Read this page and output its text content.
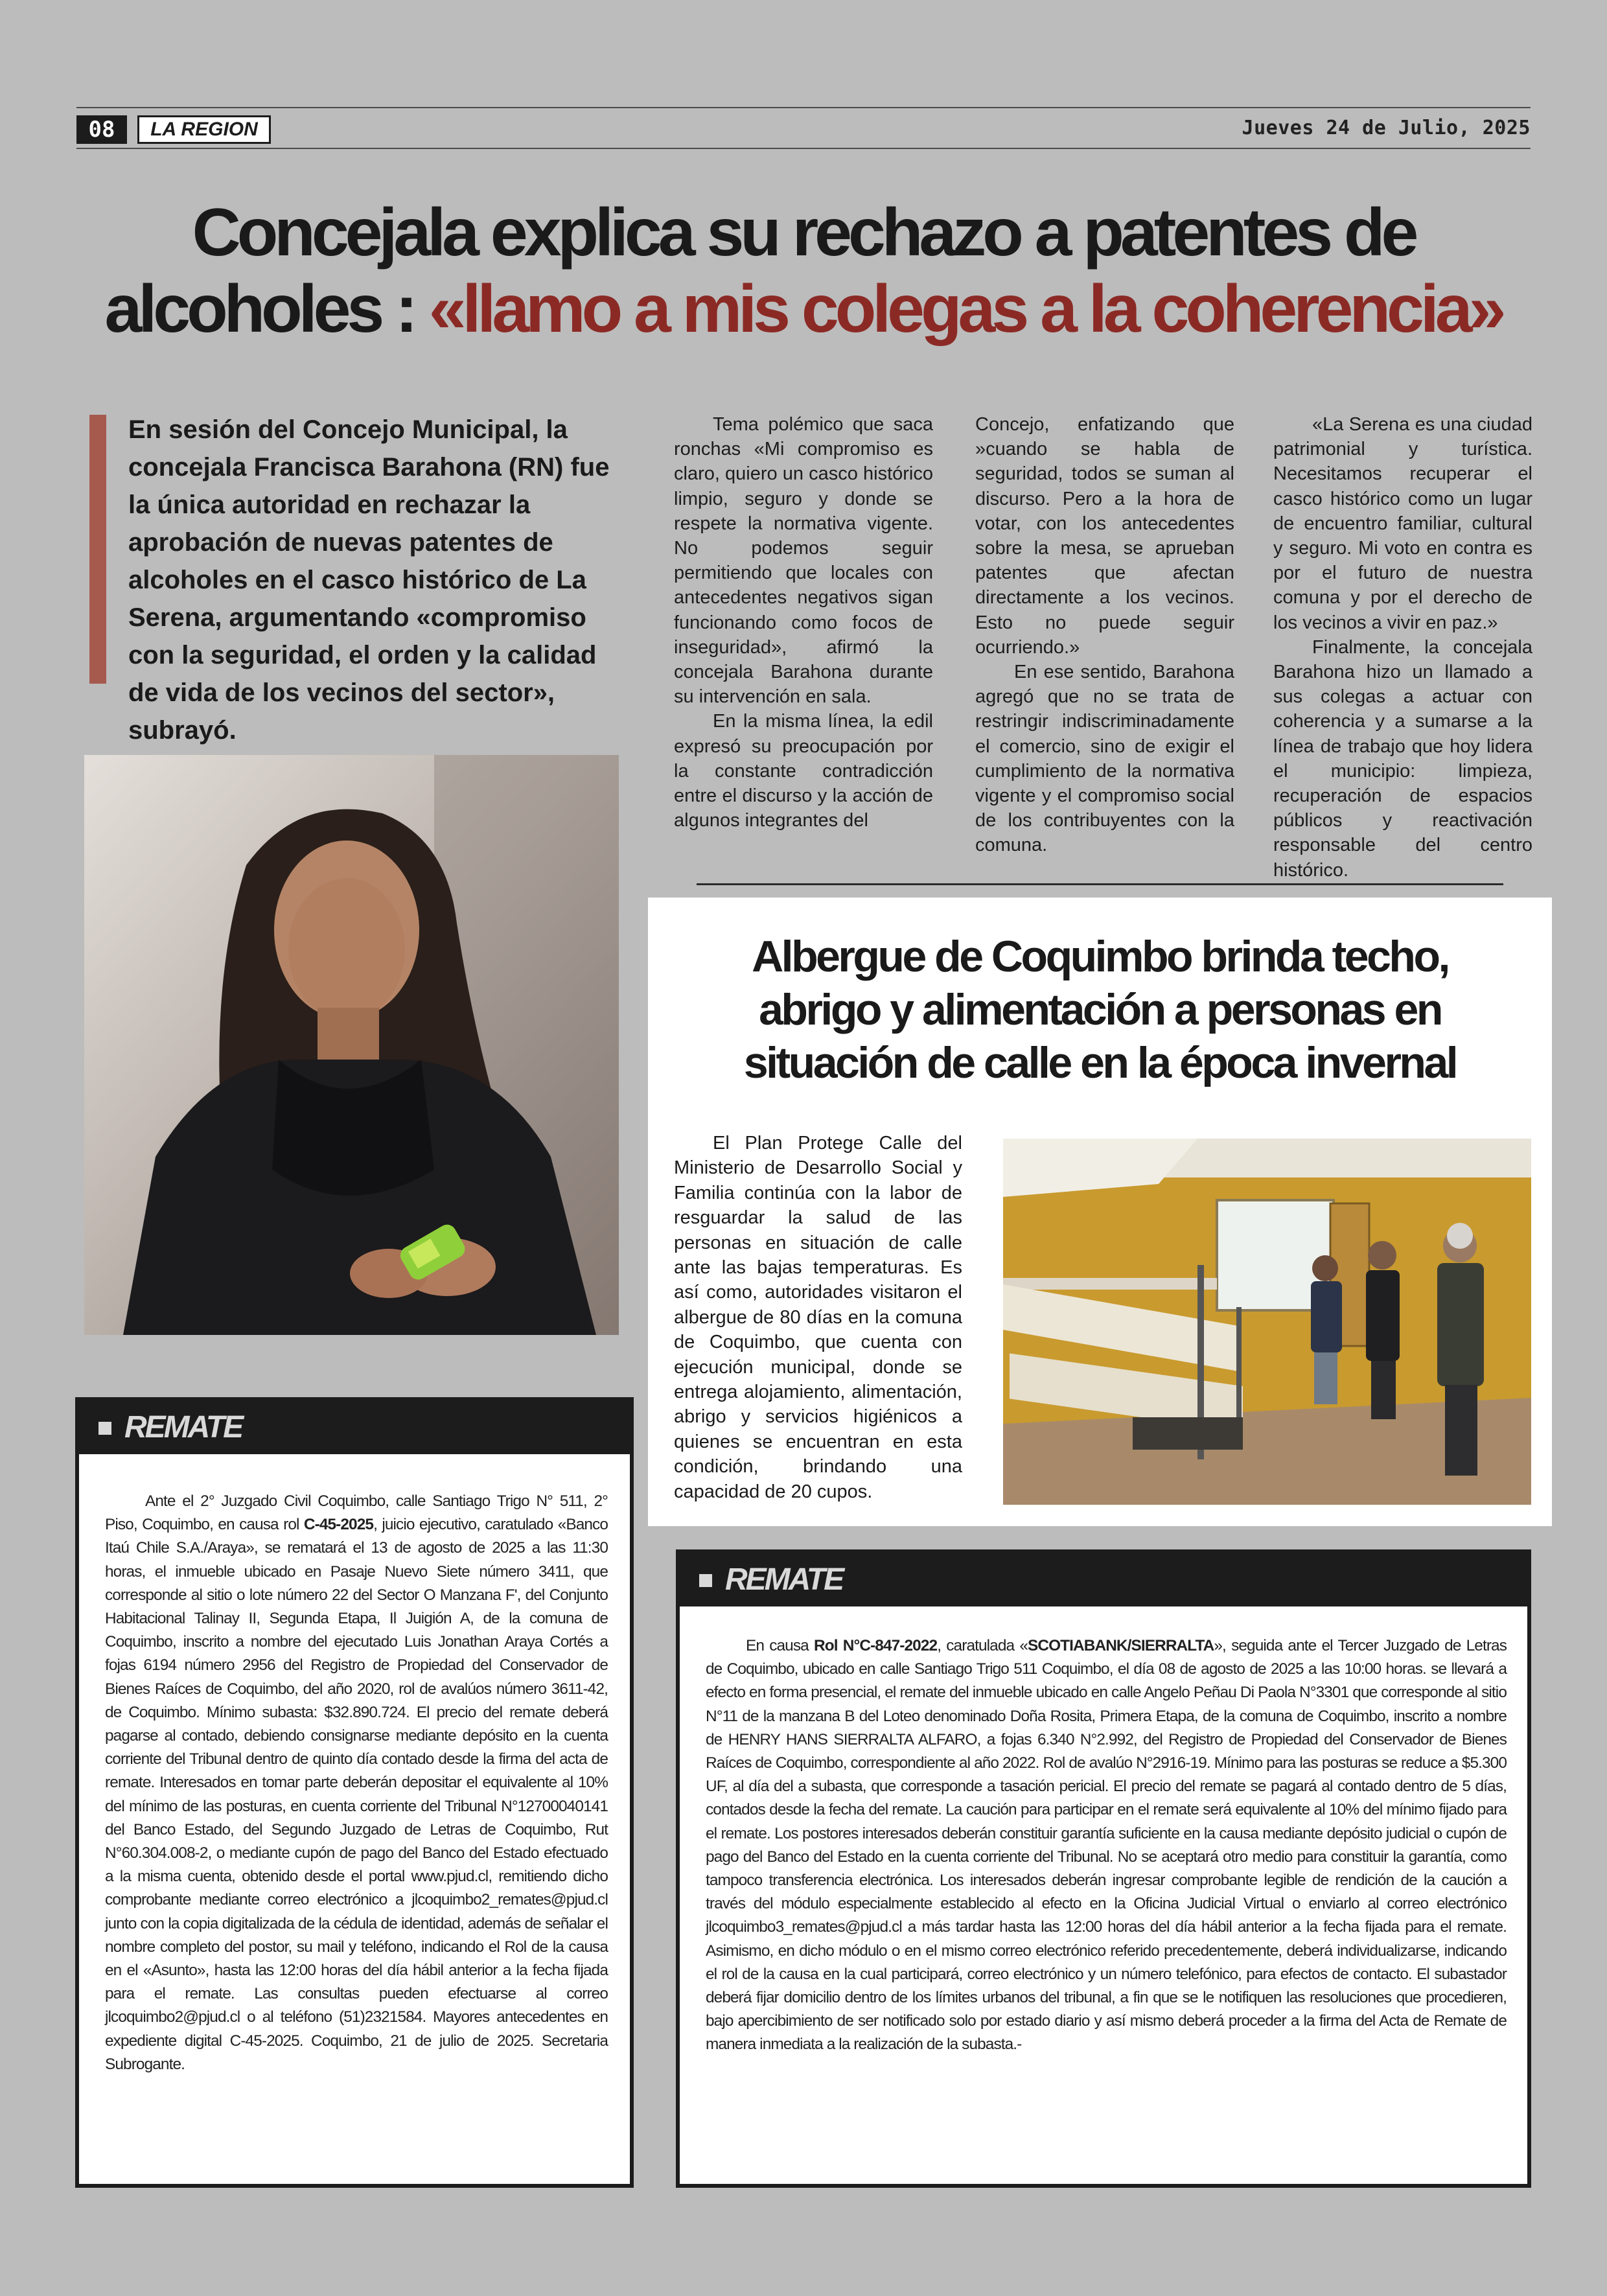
08	LA REGION	Jueves 24 de Julio, 2025
Concejala explica su rechazo a patentes de
alcoholes : «llamo a mis colegas a la coherencia»

En sesión del Concejo Municipal, la concejala Francisca Barahona (RN) fue la única autoridad en rechazar la aprobación de nuevas patentes de alcoholes en el casco histórico de La Serena, argumentando «compromiso con la seguridad, el orden y la calidad de vida de los vecinos del sector», subrayó.

Tema polémico que saca ronchas «Mi compromiso es claro, quiero un casco histórico limpio, seguro y donde se respete la normativa vigente. No podemos seguir permitiendo que locales con antecedentes negativos sigan funcionando como focos de inseguridad», afirmó la concejala Barahona durante su intervención en sala.

En la misma línea, la edil expresó su preocupación por la constante contradicción entre el discurso y la acción de algunos integrantes del

Concejo, enfatizando que »cuando se habla de seguridad, todos se suman al discurso. Pero a la hora de votar, con los antecedentes sobre la mesa, se aprueban patentes que afectan directamente a los vecinos. Esto no puede seguir ocurriendo.»

En ese sentido, Barahona agregó que no se trata de restringir indiscriminadamente el comercio, sino de exigir el cumplimiento de la normativa vigente y el compromiso social de los contribuyentes con la comuna.

«La Serena es una ciudad patrimonial y turística. Necesitamos recuperar el casco histórico como un lugar de encuentro familiar, cultural y seguro. Mi voto en contra es por el futuro de nuestra comuna y por el derecho de los vecinos a vivir en paz.»

Finalmente, la concejala Barahona hizo un llamado a sus colegas a actuar con coherencia y a sumarse a la línea de trabajo que hoy lidera el municipio: limpieza, recuperación de espacios públicos y reactivación responsable del centro histórico.

Albergue de Coquimbo brinda techo,
abrigo y alimentación a personas en
situación de calle en la época invernal

El Plan Protege Calle del Ministerio de Desarrollo Social y Familia continúa con la labor de resguardar la salud de las personas en situación de calle ante las bajas temperaturas. Es así como, autoridades visitaron el albergue de 80 días en la comuna de Coquimbo, que cuenta con ejecución municipal, donde se entrega alojamiento, alimentación, abrigo y servicios higiénicos a quienes se encuentran en esta condición, brindando una capacidad de 20 cupos.

REMATE

Ante el 2° Juzgado Civil Coquimbo, calle Santiago Trigo N° 511, 2° Piso, Coquimbo, en causa rol C-45-2025, juicio ejecutivo, caratulado «Banco Itaú Chile S.A./Araya», se rematará el 13 de agosto de 2025 a las 11:30 horas, el inmueble ubicado en Pasaje Nuevo Siete número 3411, que corresponde al sitio o lote número 22 del Sector O Manzana F', del Conjunto Habitacional Talinay II, Segunda Etapa, Il Juigión A, de la comuna de Coquimbo, inscrito a nombre del ejecutado Luis Jonathan Araya Cortés a fojas 6194 número 2956 del Registro de Propiedad del Conservador de Bienes Raíces de Coquimbo, del año 2020, rol de avalúos número 3611-42, de Coquimbo. Mínimo subasta: $32.890.724. El precio del remate deberá pagarse al contado, debiendo consignarse mediante depósito en la cuenta corriente del Tribunal dentro de quinto día contado desde la firma del acta de remate. Interesados en tomar parte deberán depositar el equivalente al 10% del mínimo de las posturas, en cuenta corriente del Tribunal N°12700040141 del Banco Estado, del Segundo Juzgado de Letras de Coquimbo, Rut N°60.304.008-2, o mediante cupón de pago del Banco del Estado efectuado a la misma cuenta, obtenido desde el portal www.pjud.cl, remitiendo dicho comprobante mediante correo electrónico a jlcoquimbo2_remates@pjud.cl junto con la copia digitalizada de la cédula de identidad, además de señalar el nombre completo del postor, su mail y teléfono, indicando el Rol de la causa en el «Asunto», hasta las 12:00 horas del día hábil anterior a la fecha fijada para el remate. Las consultas pueden efectuarse al correo jlcoquimbo2@pjud.cl o al teléfono (51)2321584. Mayores antecedentes en expediente digital C-45-2025. Coquimbo, 21 de julio de 2025. Secretaria Subrogante.

REMATE

En causa Rol N°C-847-2022, caratulada «SCOTIABANK/SIERRALTA», seguida ante el Tercer Juzgado de Letras de Coquimbo, ubicado en calle Santiago Trigo 511 Coquimbo, el día 08 de agosto de 2025 a las 10:00 horas. se llevará a efecto en forma presencial, el remate del inmueble ubicado en calle Angelo Peñau Di Paola N°3301 que corresponde al sitio N°11 de la manzana B del Loteo denominado Doña Rosita, Primera Etapa, de la comuna de Coquimbo, inscrito a nombre de HENRY HANS SIERRALTA ALFARO, a fojas 6.340 N°2.992, del Registro de Propiedad del Conservador de Bienes Raíces de Coquimbo, correspondiente al año 2022. Rol de avalúo N°2916-19. Mínimo para las posturas se reduce a $5.300 UF, al día del a subasta, que corresponde a tasación pericial. El precio del remate se pagará al contado dentro de 5 días, contados desde la fecha del remate. La caución para participar en el remate será equivalente al 10% del mínimo fijado para el remate. Los postores interesados deberán constituir garantía suficiente en la causa mediante depósito judicial o cupón de pago del Banco del Estado en la cuenta corriente del Tribunal. No se aceptará otro medio para constituir la garantía, como tampoco transferencia electrónica. Los interesados deberán ingresar comprobante legible de rendición de la caución a través del módulo especialmente establecido al efecto en la Oficina Judicial Virtual o enviarlo al correo electrónico jlcoquimbo3_remates@pjud.cl a más tardar hasta las 12:00 horas del día hábil anterior a la fecha fijada para el remate. Asimismo, en dicho módulo o en el mismo correo electrónico referido precedentemente, deberá individualizarse, indicando el rol de la causa en la cual participará, correo electrónico y un número telefónico, para efectos de contacto. El subastador deberá fijar domicilio dentro de los límites urbanos del tribunal, a fin que se le notifiquen las resoluciones que procedieren, bajo apercibimiento de ser notificado solo por estado diario y así mismo deberá proceder a la firma del Acta de Remate de manera inmediata a la realización de la subasta.-
